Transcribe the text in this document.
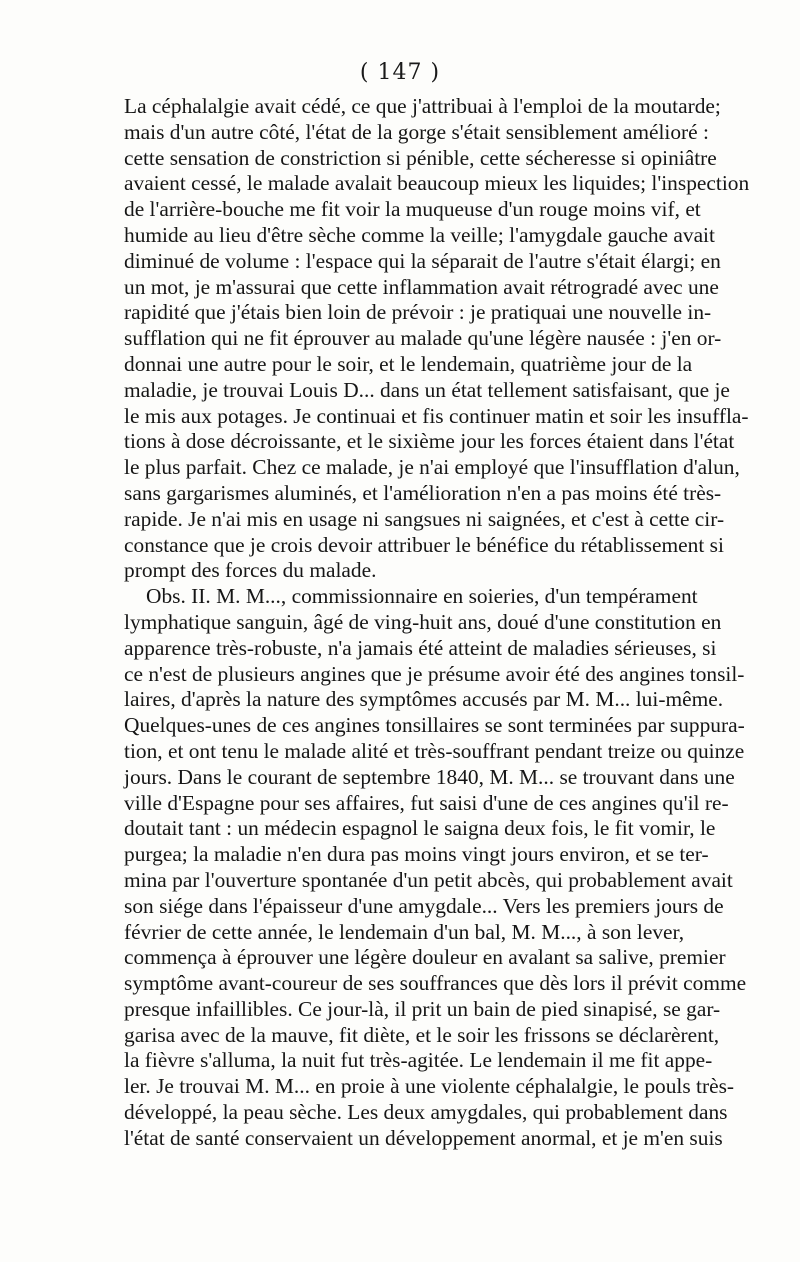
( 147 )
La céphalalgie avait cédé, ce que j'attribuai à l'emploi de la moutarde;
mais d'un autre côté, l'état de la gorge s'était sensiblement amélioré :
cette sensation de constriction si pénible, cette sécheresse si opiniâtre
avaient cessé, le malade avalait beaucoup mieux les liquides; l'inspection
de l'arrière-bouche me fit voir la muqueuse d'un rouge moins vif, et
humide au lieu d'être sèche comme la veille; l'amygdale gauche avait
diminué de volume : l'espace qui la séparait de l'autre s'était élargi; en
un mot, je m'assurai que cette inflammation avait rétrogradé avec une
rapidité que j'étais bien loin de prévoir : je pratiquai une nouvelle in-
sufflation qui ne fit éprouver au malade qu'une légère nausée : j'en or-
donnai une autre pour le soir, et le lendemain, quatrième jour de la
maladie, je trouvai Louis D... dans un état tellement satisfaisant, que je
le mis aux potages. Je continuai et fis continuer matin et soir les insuffla-
tions à dose décroissante, et le sixième jour les forces étaient dans l'état
le plus parfait. Chez ce malade, je n'ai employé que l'insufflation d'alun,
sans gargarismes aluminés, et l'amélioration n'en a pas moins été très-
rapide. Je n'ai mis en usage ni sangsues ni saignées, et c'est à cette cir-
constance que je crois devoir attribuer le bénéfice du rétablissement si
prompt des forces du malade.
Obs. II. M. M..., commissionnaire en soieries, d'un tempérament
lymphatique sanguin, âgé de ving-huit ans, doué d'une constitution en
apparence très-robuste, n'a jamais été atteint de maladies sérieuses, si
ce n'est de plusieurs angines que je présume avoir été des angines tonsil-
laires, d'après la nature des symptômes accusés par M. M... lui-même.
Quelques-unes de ces angines tonsillaires se sont terminées par suppura-
tion, et ont tenu le malade alité et très-souffrant pendant treize ou quinze
jours. Dans le courant de septembre 1840, M. M... se trouvant dans une
ville d'Espagne pour ses affaires, fut saisi d'une de ces angines qu'il re-
doutait tant : un médecin espagnol le saigna deux fois, le fit vomir, le
purgea; la maladie n'en dura pas moins vingt jours environ, et se ter-
mina par l'ouverture spontanée d'un petit abcès, qui probablement avait
son siége dans l'épaisseur d'une amygdale... Vers les premiers jours de
février de cette année, le lendemain d'un bal, M. M..., à son lever,
commença à éprouver une légère douleur en avalant sa salive, premier
symptôme avant-coureur de ses souffrances que dès lors il prévit comme
presque infaillibles. Ce jour-là, il prit un bain de pied sinapisé, se gar-
garisa avec de la mauve, fit diète, et le soir les frissons se déclarèrent,
la fièvre s'alluma, la nuit fut très-agitée. Le lendemain il me fit appe-
ler. Je trouvai M. M... en proie à une violente céphalalgie, le pouls très-
développé, la peau sèche. Les deux amygdales, qui probablement dans
l'état de santé conservaient un développement anormal, et je m'en suis
